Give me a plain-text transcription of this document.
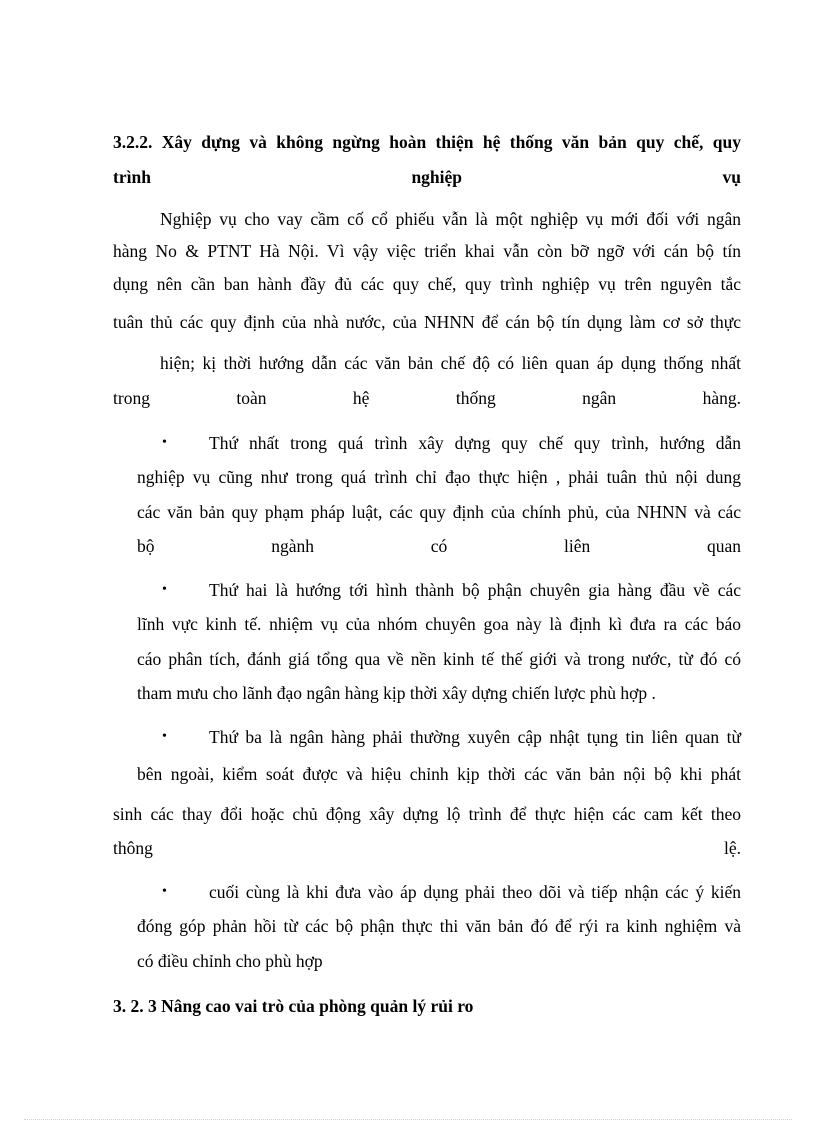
3.2.2. Xây dựng và không ngừng hoàn thiện hệ thống văn bản quy chế, quy
trình	nghiệp	vụ
Nghiệp vụ cho vay cầm cố cổ phiếu vẫn là một nghiệp vụ mới đối với ngân
hàng No & PTNT Hà Nội. Vì vậy việc triển khai vẫn còn bỡ ngỡ với cán bộ tín
dụng nên cần ban hành đầy đủ các quy chế, quy trình nghiệp vụ trên nguyên tắc
tuân thủ các quy định của nhà nước, của NHNN để cán bộ tín dụng làm cơ sở thực
hiện; kị thời hướng dẫn các văn bản chế độ có liên quan áp dụng thống nhất
trong	toàn	hệ	thống	ngân	hàng.
• Thứ nhất trong quá trình xây dựng quy chế quy trình, hướng dẫn
nghiệp vụ cũng như trong quá trình chỉ đạo thực hiện , phải tuân thủ nội dung
các văn bản quy phạm pháp luật, các quy định của chính phủ, của NHNN và các
bộ	ngành	có	liên	quan
• Thứ hai là hướng tới hình thành bộ phận chuyên gia hàng đầu về các
lĩnh vực kinh tế. nhiệm vụ của nhóm chuyên goa này là định kì đưa ra các báo
cáo phân tích, đánh giá tổng qua về nền kinh tế thế giới và trong nước, từ đó có
tham mưu cho lãnh đạo ngân hàng kịp thời xây dựng chiến lược phù hợp .
• Thứ ba là ngân hàng phải thường xuyên cập nhật tụng tin liên quan từ
bên ngoài, kiểm soát được và hiệu chỉnh kịp thời các văn bản nội bộ khi phát
sinh các thay đổi hoặc chủ động xây dựng lộ trình để thực hiện các cam kết theo
thông	lệ.
• cuối cùng là khi đưa vào áp dụng phải theo dõi và tiếp nhận các ý kiến
đóng góp phản hồi từ các bộ phận thực thi văn bản đó để rýi ra kinh nghiệm và
có điều chỉnh cho phù hợp
3. 2. 3 Nâng cao vai trò của phòng quản lý rủi ro
